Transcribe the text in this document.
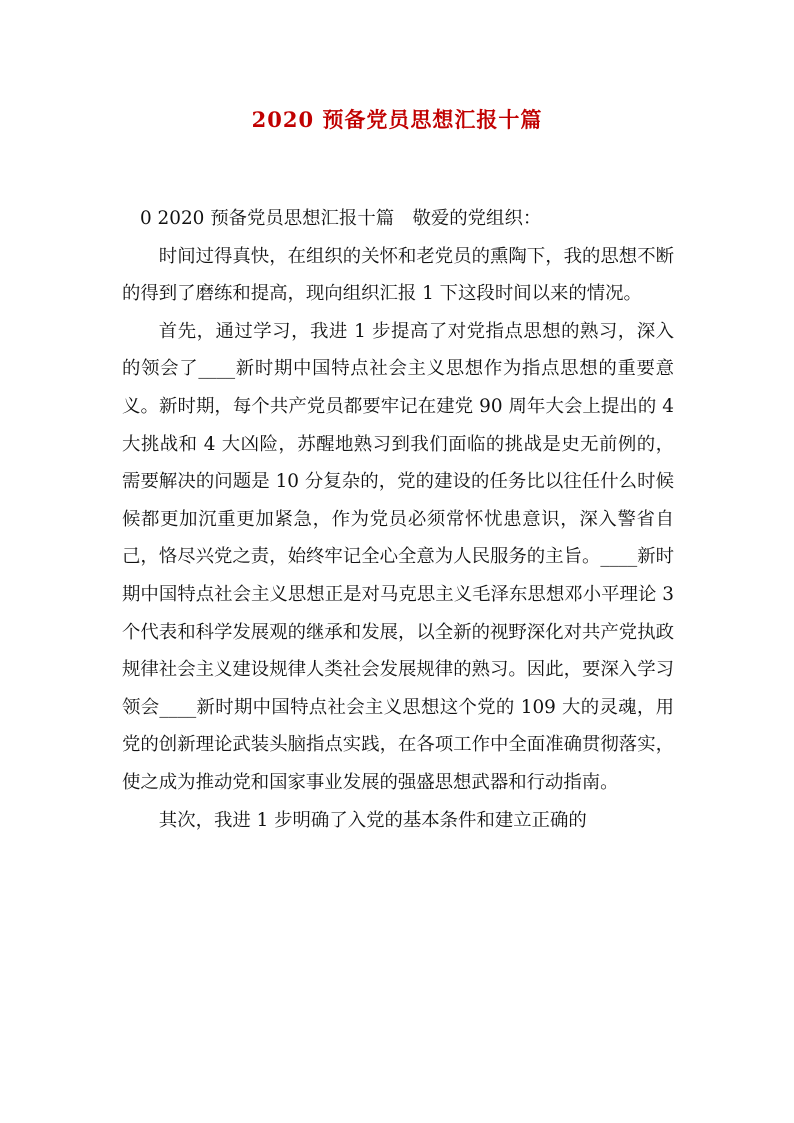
2020 预备党员思想汇报十篇

0 2020 预备党员思想汇报十篇　敬爱的党组织：

时间过得真快，在组织的关怀和老党员的熏陶下，我的思想不断的得到了磨练和提高，现向组织汇报 1 下这段时间以来的情况。

首先，通过学习，我进 1 步提高了对党指点思想的熟习，深入的领会了____新时期中国特点社会主义思想作为指点思想的重要意义。新时期，每个共产党员都要牢记在建党 90 周年大会上提出的 4 大挑战和 4 大凶险，苏醒地熟习到我们面临的挑战是史无前例的，需要解决的问题是 10 分复杂的，党的建设的任务比以往任什么时候候都更加沉重更加紧急，作为党员必须常怀忧患意识，深入警省自己，恪尽兴党之责，始终牢记全心全意为人民服务的主旨。____新时期中国特点社会主义思想正是对马克思主义毛泽东思想邓小平理论 3 个代表和科学发展观的继承和发展，以全新的视野深化对共产党执政规律社会主义建设规律人类社会发展规律的熟习。因此，要深入学习领会____新时期中国特点社会主义思想这个党的 109 大的灵魂，用党的创新理论武装头脑指点实践，在各项工作中全面准确贯彻落实，使之成为推动党和国家事业发展的强盛思想武器和行动指南。

其次，我进 1 步明确了入党的基本条件和建立正确的
